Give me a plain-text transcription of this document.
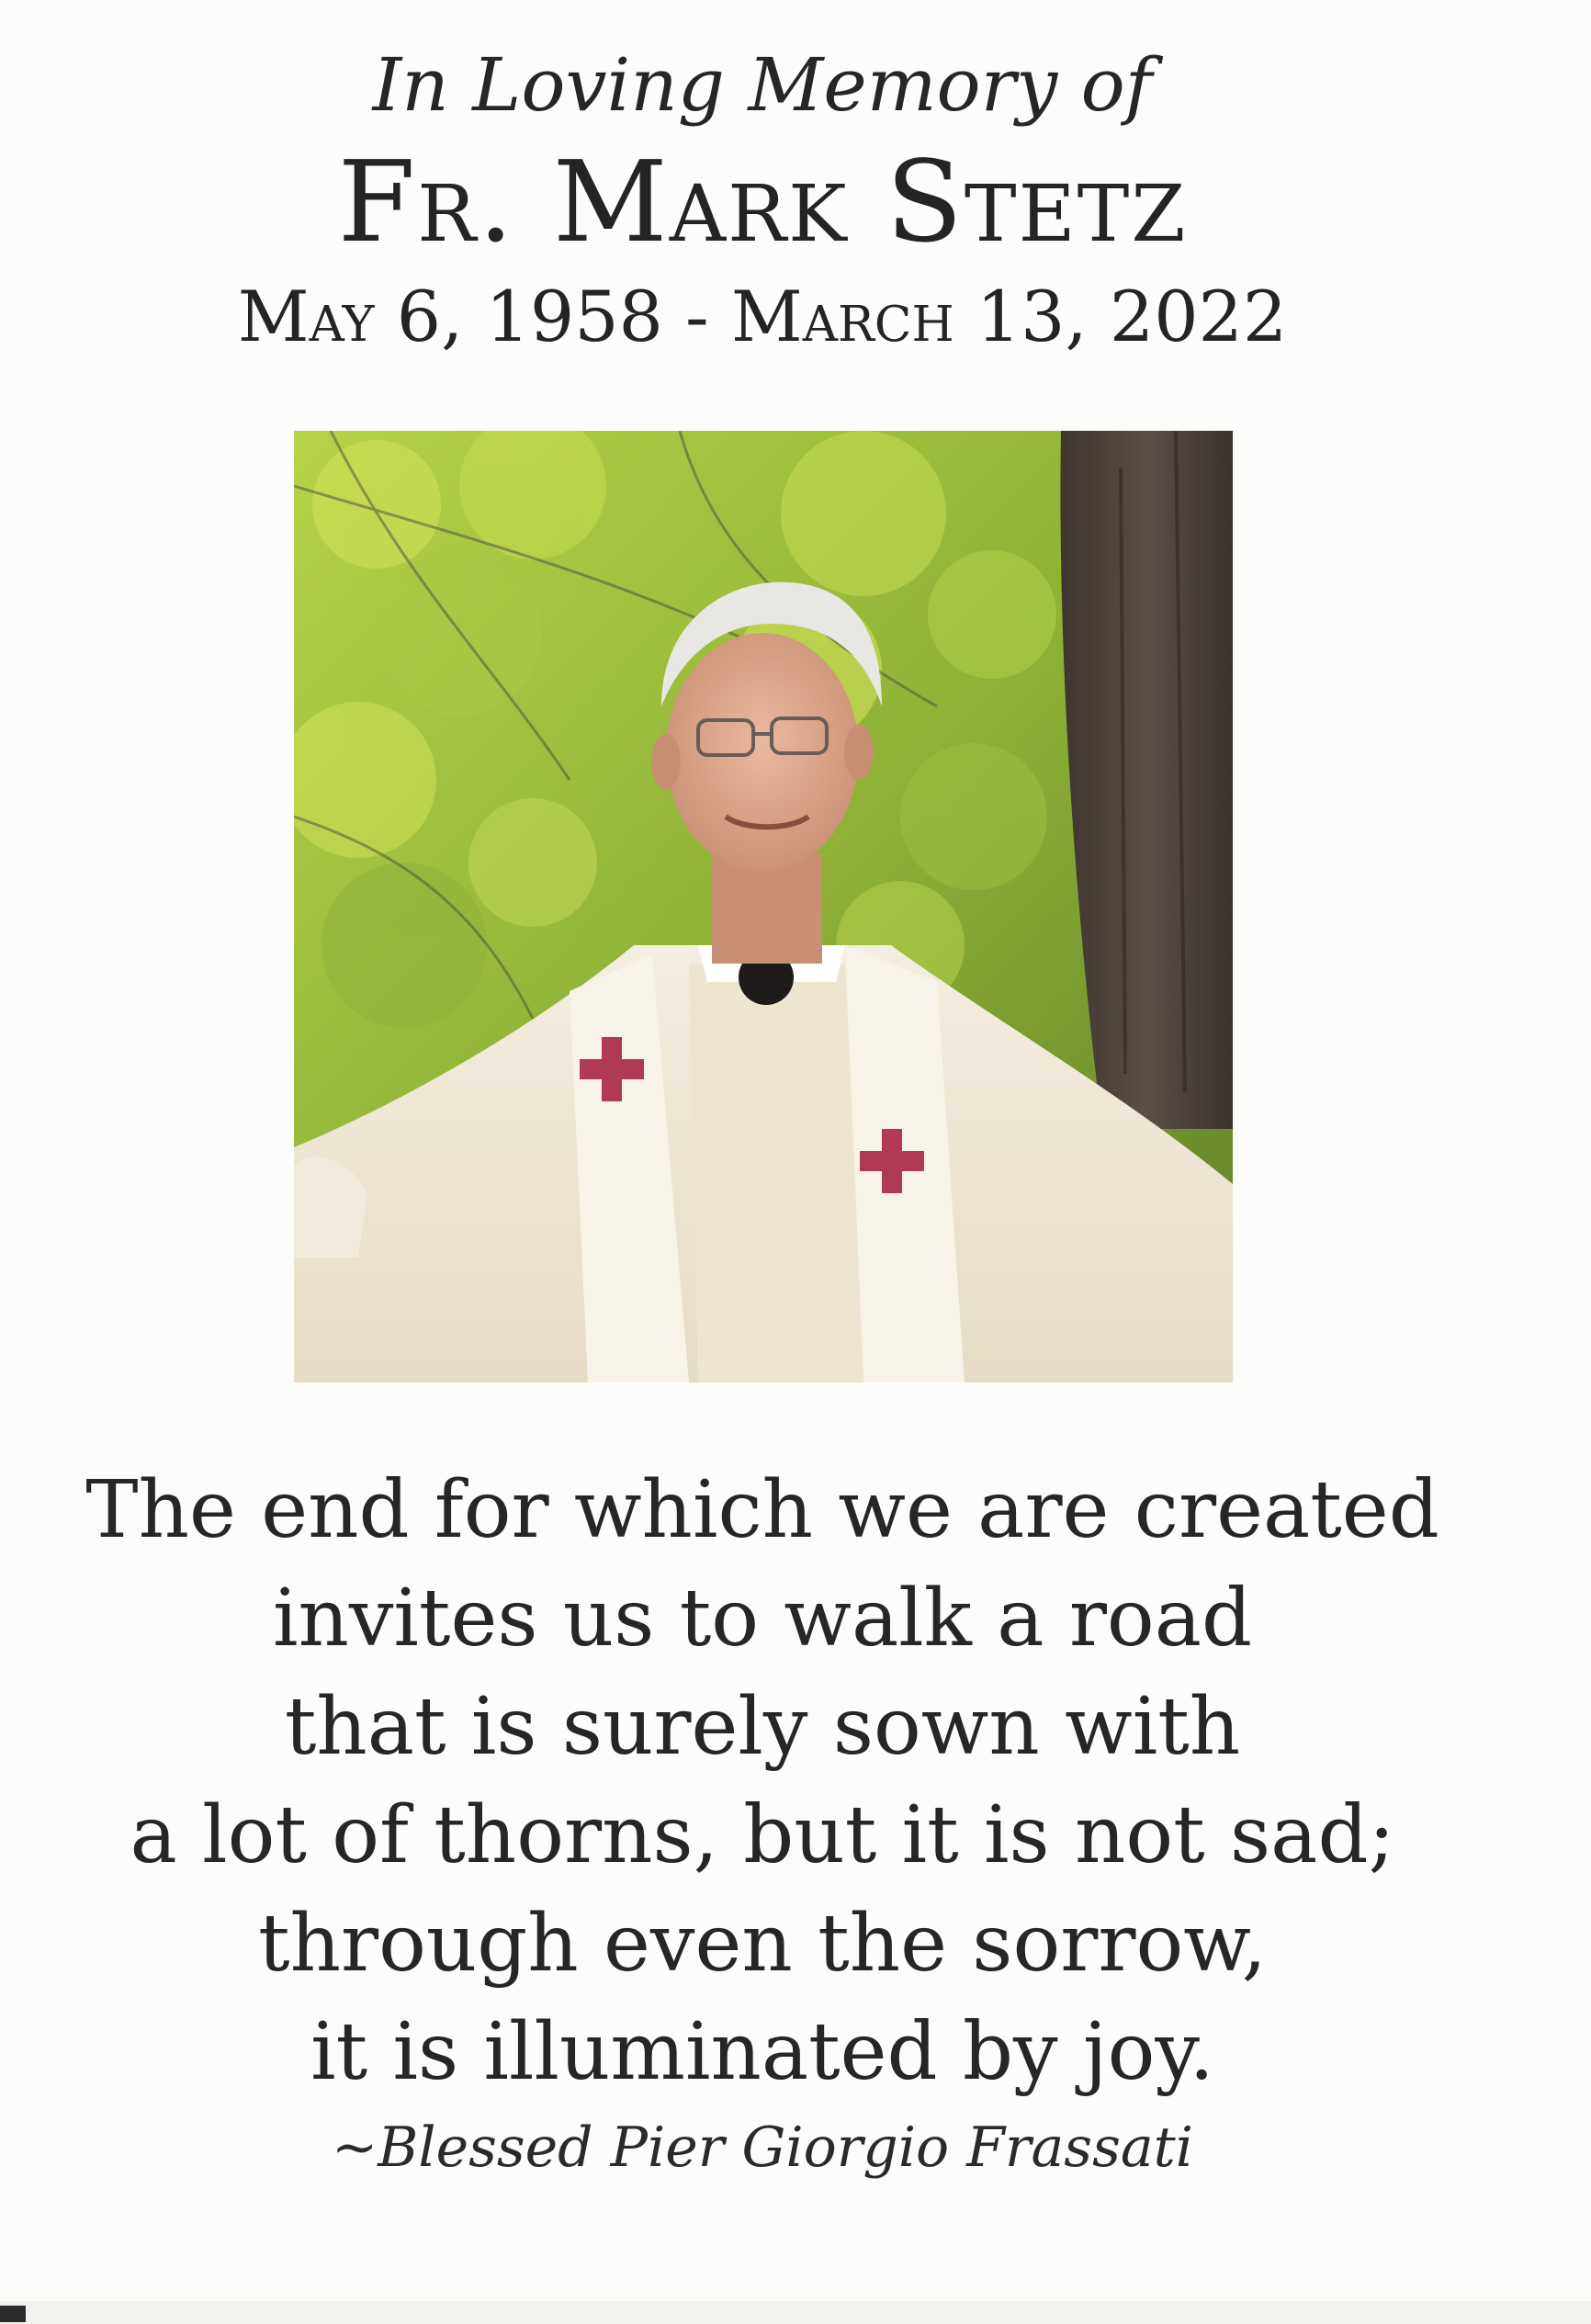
In Loving Memory of
Fr. Mark Stetz
May 6, 1958 - March 13, 2022
The end for which we are created
invites us to walk a road
that is surely sown with
a lot of thorns, but it is not sad;
through even the sorrow,
it is illuminated by joy.
~Blessed Pier Giorgio Frassati
